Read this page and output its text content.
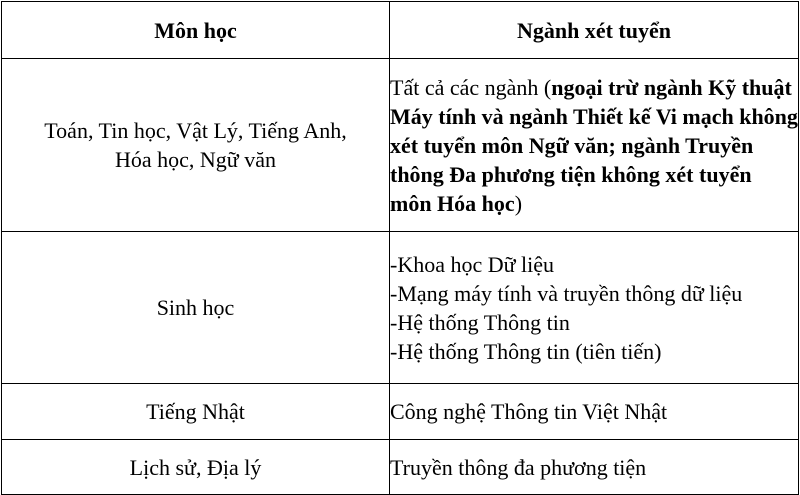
Môn học	Ngành xét tuyển

Toán, Tin học, Vật Lý, Tiếng Anh,
Hóa học, Ngữ văn	Tất cả các ngành (ngoại trừ ngành Kỹ thuật Máy tính và ngành Thiết kế Vi mạch không xét tuyển môn Ngữ văn; ngành Truyền thông Đa phương tiện không xét tuyển môn Hóa học)

Sinh học	-Khoa học Dữ liệu
-Mạng máy tính và truyền thông dữ liệu
-Hệ thống Thông tin
-Hệ thống Thông tin (tiên tiến)

Tiếng Nhật	Công nghệ Thông tin Việt Nhật

Lịch sử, Địa lý	Truyền thông đa phương tiện
